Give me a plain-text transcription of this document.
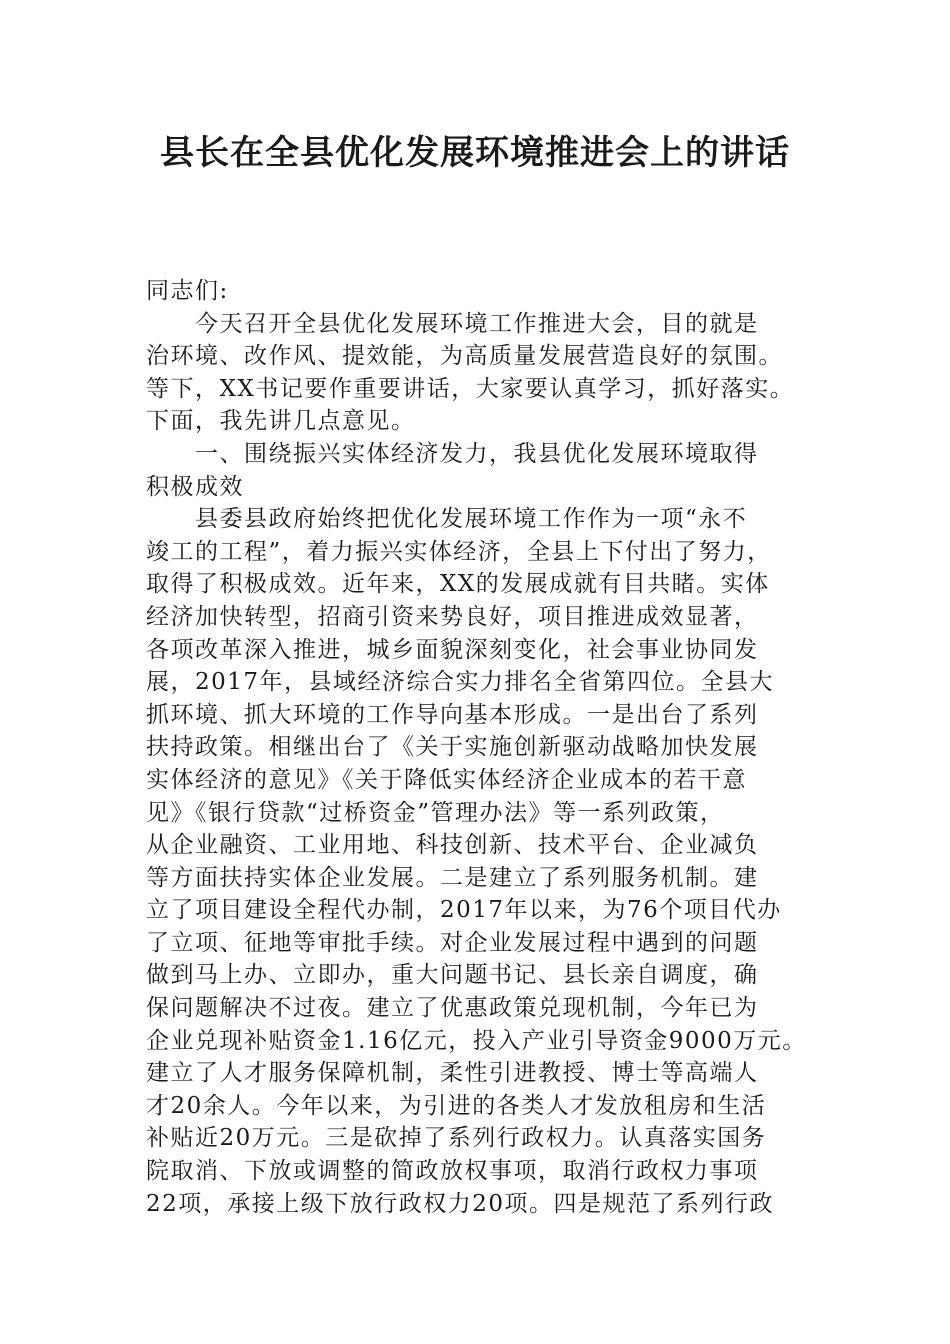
县长在全县优化发展环境推进会上的讲话
同志们:
　　今天召开全县优化发展环境工作推进大会，目的就是
治环境、改作风、提效能，为高质量发展营造良好的氛围。
等下，XX书记要作重要讲话，大家要认真学习，抓好落实。
下面，我先讲几点意见。
　　一、围绕振兴实体经济发力，我县优化发展环境取得
积极成效
　　县委县政府始终把优化发展环境工作作为一项“永不
竣工的工程”，着力振兴实体经济，全县上下付出了努力，
取得了积极成效。近年来，XX的发展成就有目共睹。实体
经济加快转型，招商引资来势良好，项目推进成效显著，
各项改革深入推进，城乡面貌深刻变化，社会事业协同发
展，2017年，县域经济综合实力排名全省第四位。全县大
抓环境、抓大环境的工作导向基本形成。一是出台了系列
扶持政策。相继出台了《关于实施创新驱动战略加快发展
实体经济的意见》《关于降低实体经济企业成本的若干意
见》《银行贷款“过桥资金”管理办法》等一系列政策，
从企业融资、工业用地、科技创新、技术平台、企业减负
等方面扶持实体企业发展。二是建立了系列服务机制。建
立了项目建设全程代办制，2017年以来，为76个项目代办
了立项、征地等审批手续。对企业发展过程中遇到的问题
做到马上办、立即办，重大问题书记、县长亲自调度，确
保问题解决不过夜。建立了优惠政策兑现机制，今年已为
企业兑现补贴资金1.16亿元，投入产业引导资金9000万元。
建立了人才服务保障机制，柔性引进教授、博士等高端人
才20余人。今年以来，为引进的各类人才发放租房和生活
补贴近20万元。三是砍掉了系列行政权力。认真落实国务
院取消、下放或调整的简政放权事项，取消行政权力事项
22项，承接上级下放行政权力20项。四是规范了系列行政
